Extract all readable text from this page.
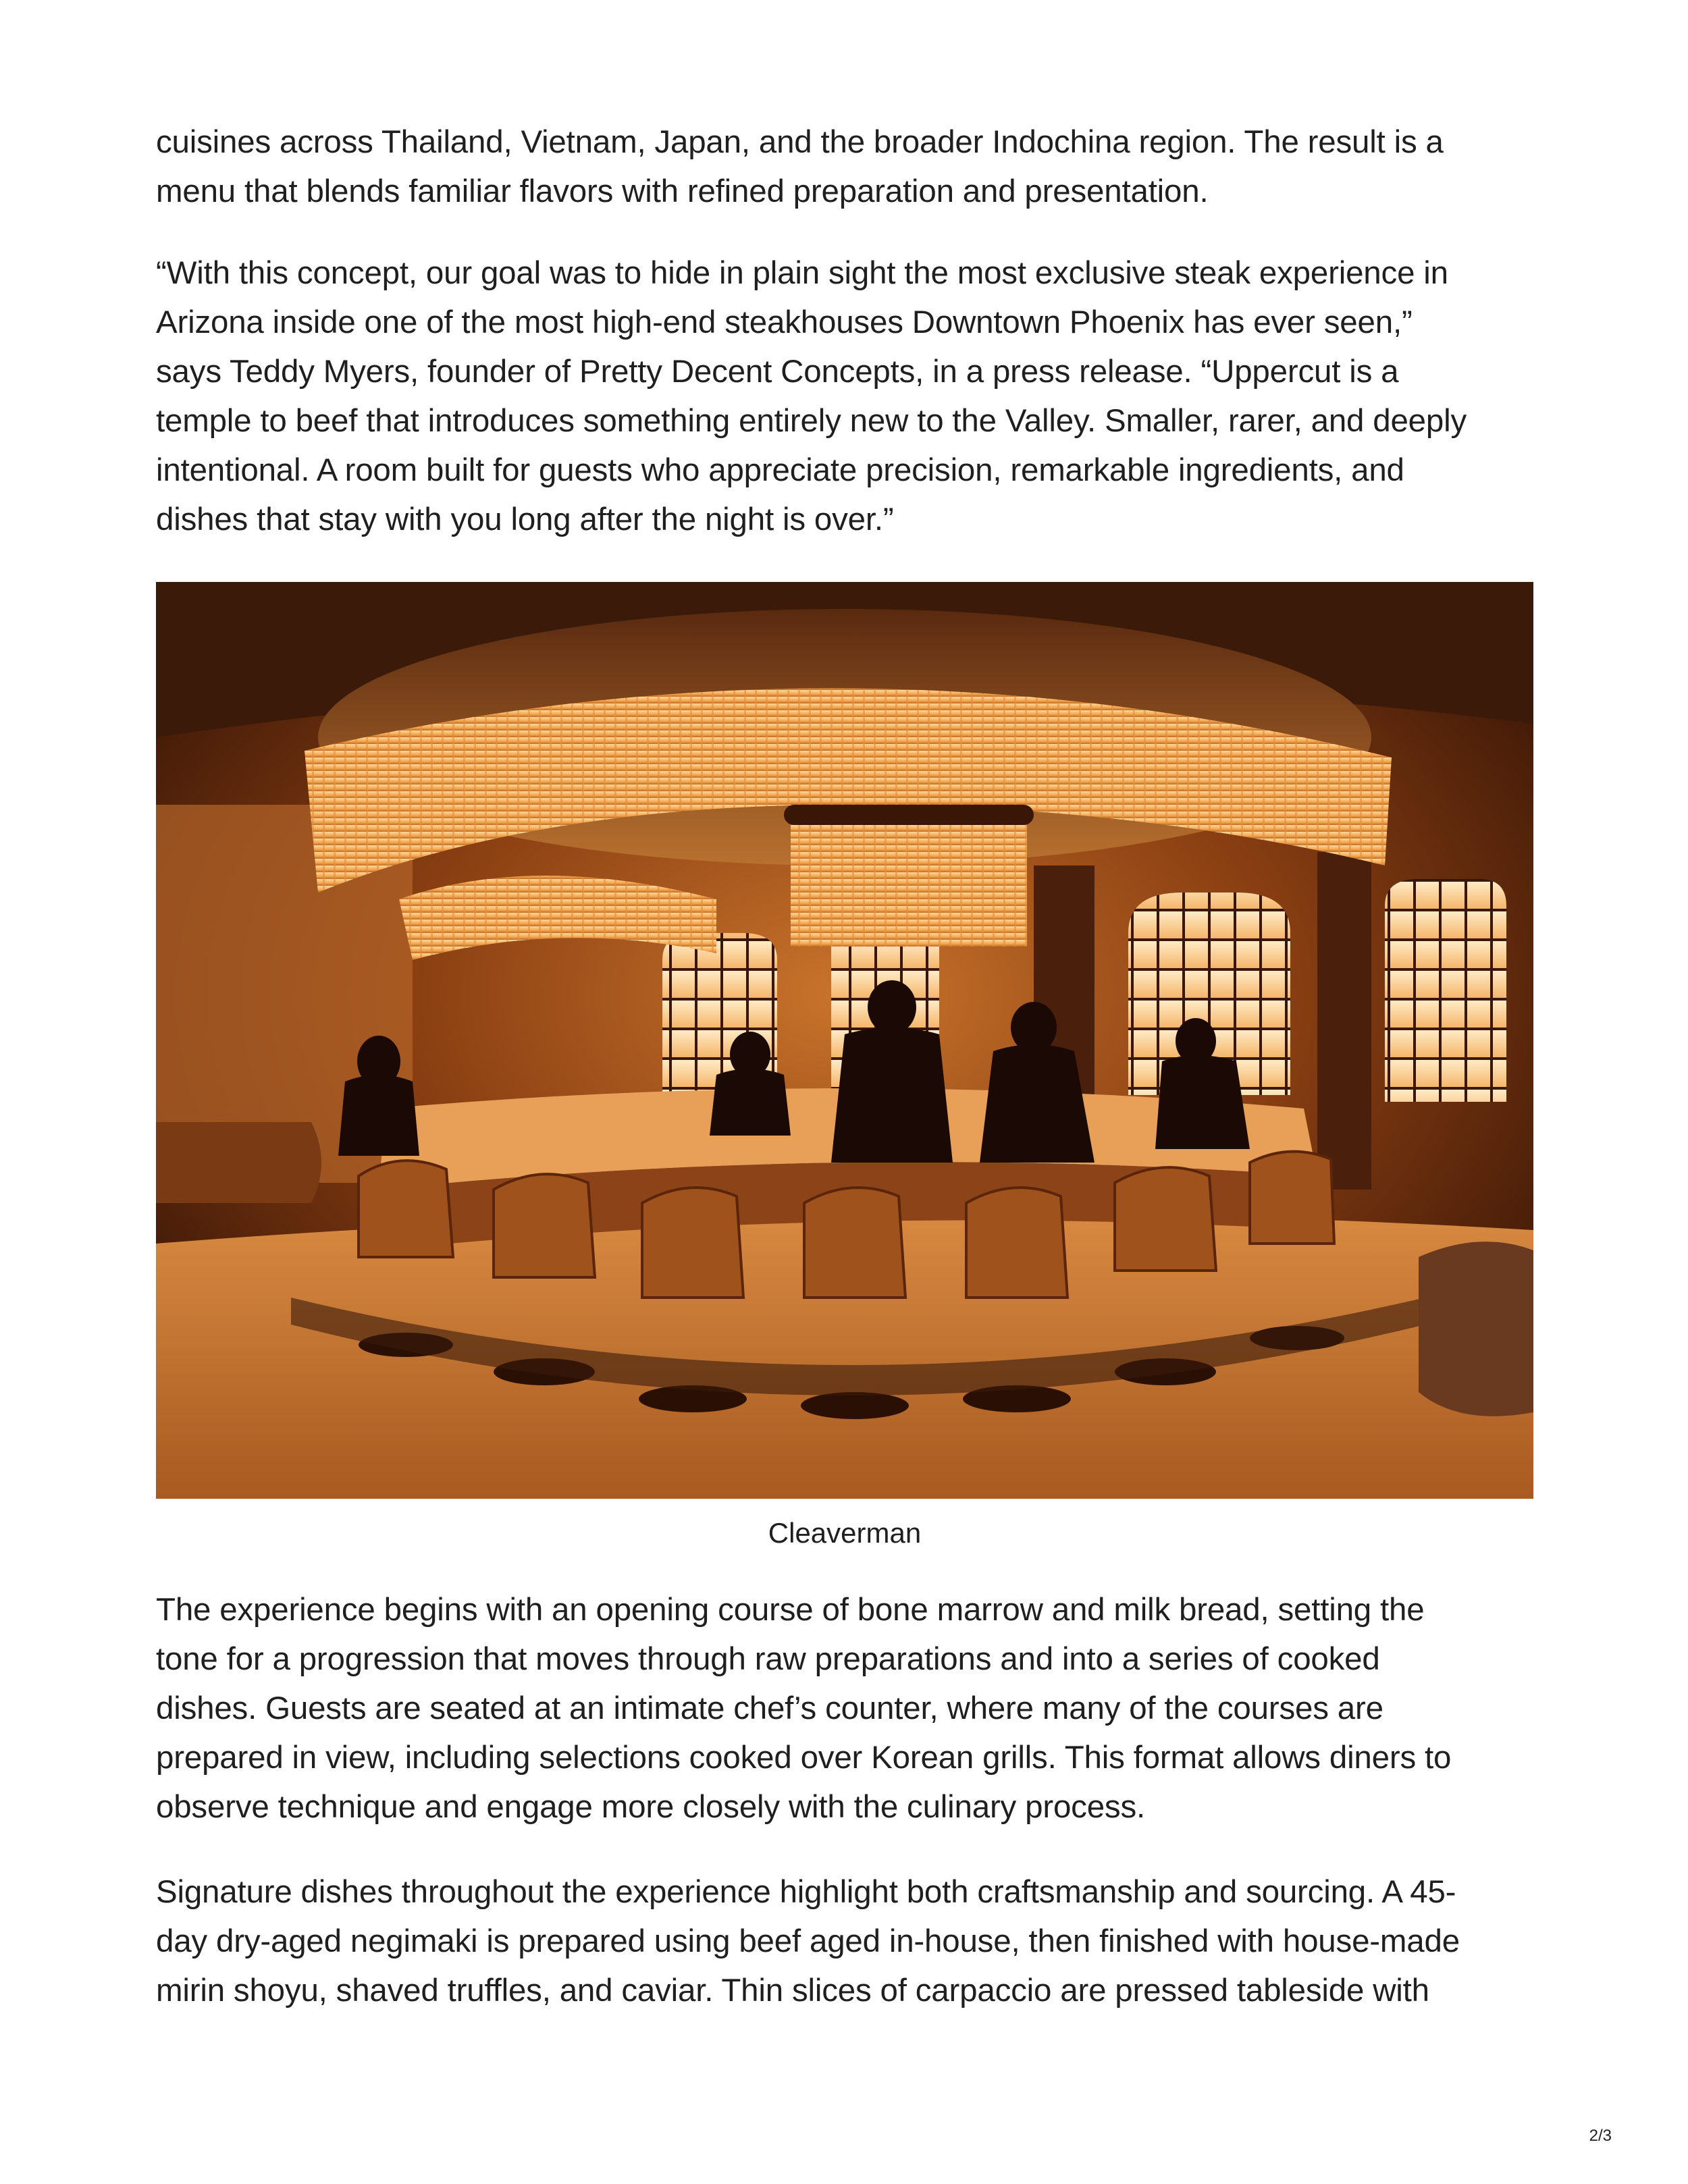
cuisines across Thailand, Vietnam, Japan, and the broader Indochina region. The result is a
menu that blends familiar flavors with refined preparation and presentation.

“With this concept, our goal was to hide in plain sight the most exclusive steak experience in
Arizona inside one of the most high-end steakhouses Downtown Phoenix has ever seen,”
says Teddy Myers, founder of Pretty Decent Concepts, in a press release. “Uppercut is a
temple to beef that introduces something entirely new to the Valley. Smaller, rarer, and deeply
intentional. A room built for guests who appreciate precision, remarkable ingredients, and
dishes that stay with you long after the night is over.”

Cleaverman

The experience begins with an opening course of bone marrow and milk bread, setting the
tone for a progression that moves through raw preparations and into a series of cooked
dishes. Guests are seated at an intimate chef’s counter, where many of the courses are
prepared in view, including selections cooked over Korean grills. This format allows diners to
observe technique and engage more closely with the culinary process.

Signature dishes throughout the experience highlight both craftsmanship and sourcing. A 45-
day dry-aged negimaki is prepared using beef aged in-house, then finished with house-made
mirin shoyu, shaved truffles, and caviar. Thin slices of carpaccio are pressed tableside with

2/3
